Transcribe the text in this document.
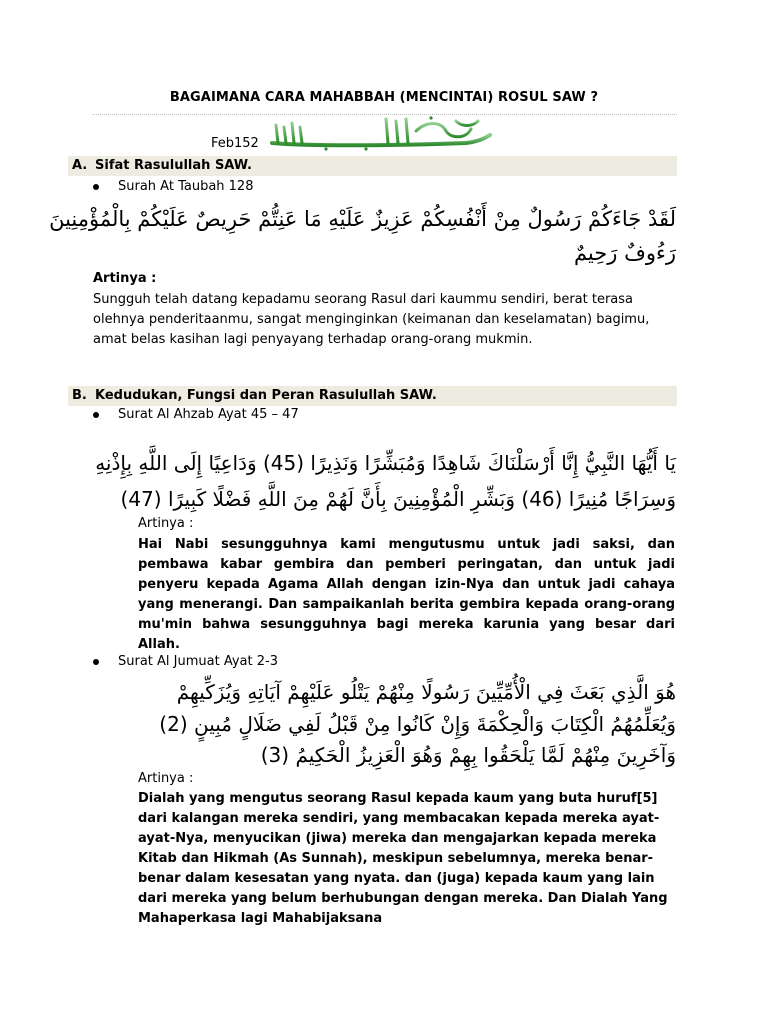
BAGAIMANA CARA MAHABBAH (MENCINTAI) ROSUL SAW ?
Feb152
A. Sifat Rasulullah SAW.
Surah At Taubah 128
لَقَدْ جَاءَكُمْ رَسُولٌ مِنْ أَنْفُسِكُمْ عَزِيزٌ عَلَيْهِ مَا عَنِتُّمْ حَرِيصٌ عَلَيْكُمْ بِالْمُؤْمِنِينَ
رَءُوفٌ رَحِيمٌ
Artinya :

Sungguh telah datang kepadamu seorang Rasul dari kaummu sendiri, berat terasa olehnya penderitaanmu, sangat menginginkan (keimanan dan keselamatan) bagimu, amat belas kasihan lagi penyayang terhadap orang-orang mukmin.

B. Kedudukan, Fungsi dan Peran Rasulullah SAW.
Surat Al Ahzab Ayat 45 – 47
يَا أَيُّهَا النَّبِيُّ إِنَّا أَرْسَلْنَاكَ شَاهِدًا وَمُبَشِّرًا وَنَذِيرًا (45) وَدَاعِيًا إِلَى اللَّهِ بِإِذْنِهِ
وَسِرَاجًا مُنِيرًا (46) وَبَشِّرِ الْمُؤْمِنِينَ بِأَنَّ لَهُمْ مِنَ اللَّهِ فَضْلًا كَبِيرًا (47)
Artinya :

Hai Nabi sesungguhnya kami mengutusmu untuk jadi saksi, dan pembawa kabar gembira dan pemberi peringatan, dan untuk jadi penyeru kepada Agama Allah dengan izin-Nya dan untuk jadi cahaya yang menerangi. Dan sampaikanlah berita gembira kepada orang-orang mu'min bahwa sesungguhnya bagi mereka karunia yang besar dari Allah.

Surat Al Jumuat Ayat 2-3
هُوَ الَّذِي بَعَثَ فِي الْأُمِّيِّينَ رَسُولًا مِنْهُمْ يَتْلُو عَلَيْهِمْ آيَاتِهِ وَيُزَكِّيهِمْ
وَيُعَلِّمُهُمُ الْكِتَابَ وَالْحِكْمَةَ وَإِنْ كَانُوا مِنْ قَبْلُ لَفِي ضَلَالٍ مُبِينٍ (2)
وَآخَرِينَ مِنْهُمْ لَمَّا يَلْحَقُوا بِهِمْ وَهُوَ الْعَزِيزُ الْحَكِيمُ (3)
Artinya :

Dialah yang mengutus seorang Rasul kepada kaum yang buta huruf[5] dari kalangan mereka sendiri, yang membacakan kepada mereka ayat-ayat-Nya, menyucikan (jiwa) mereka dan mengajarkan kepada mereka Kitab dan Hikmah (As Sunnah), meskipun sebelumnya, mereka benar-benar dalam kesesatan yang nyata. dan (juga) kepada kaum yang lain dari mereka yang belum berhubungan dengan mereka. Dan Dialah Yang Mahaperkasa lagi Mahabijaksana
